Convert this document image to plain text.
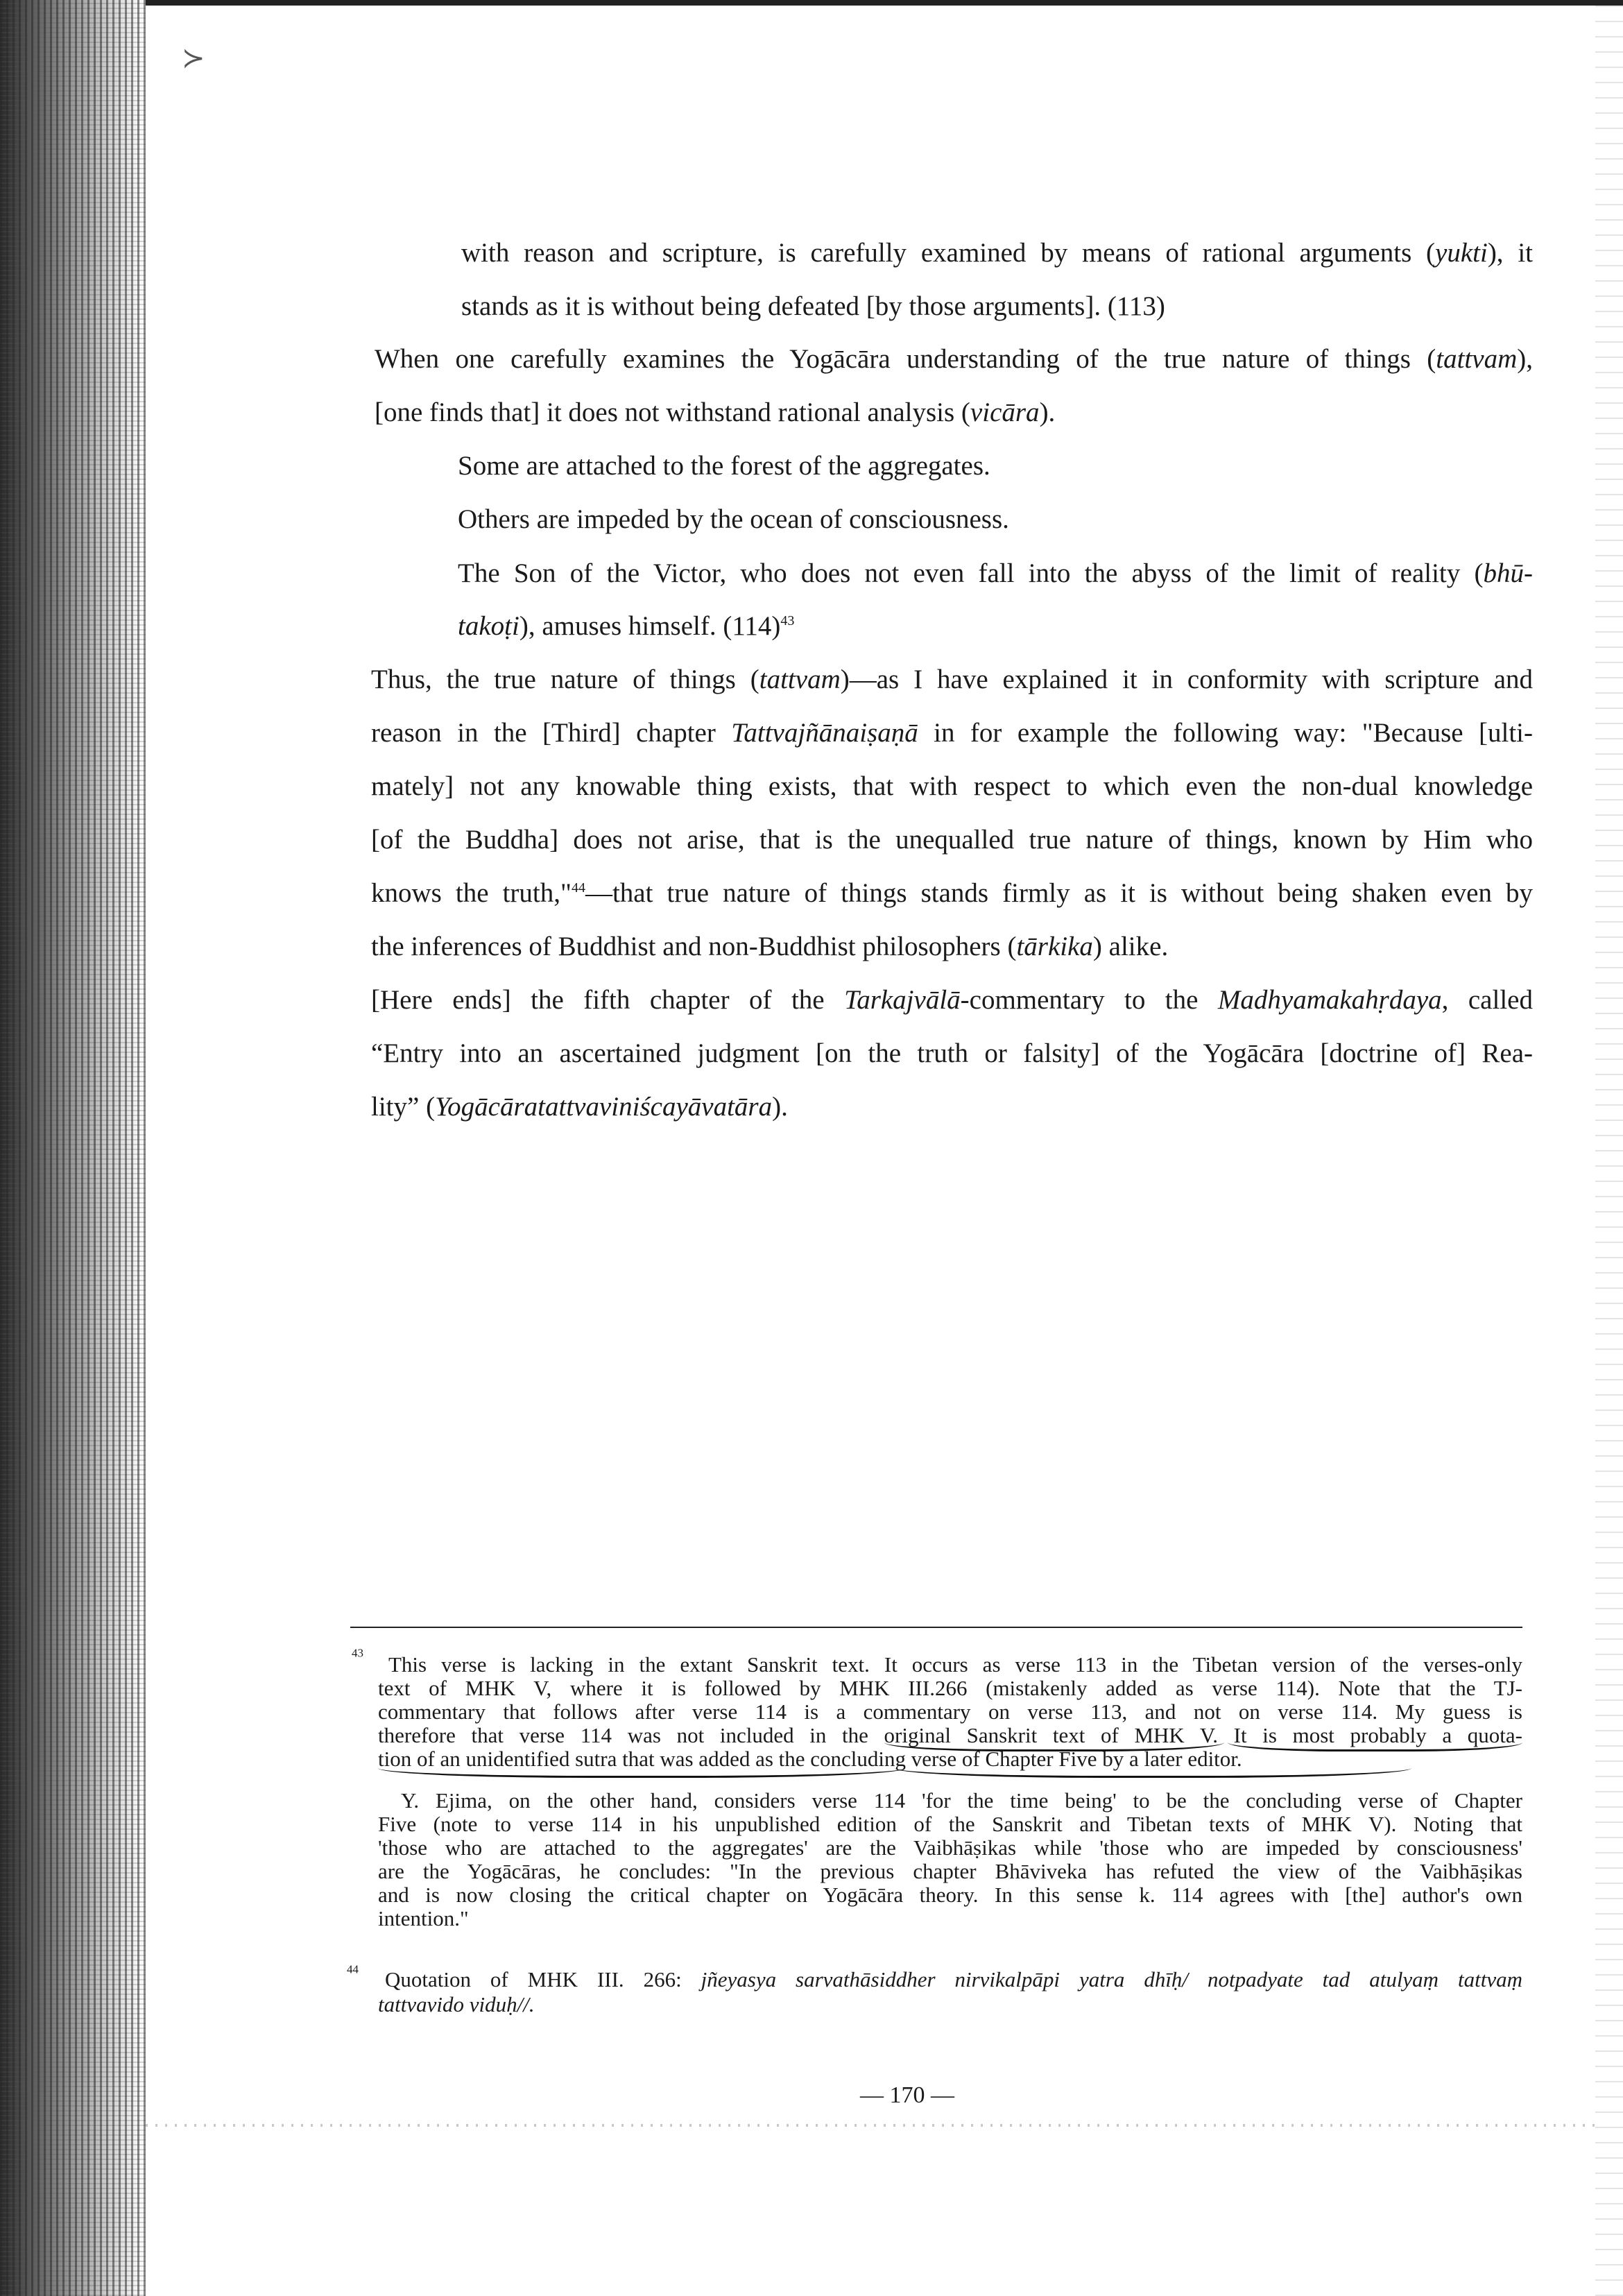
≻
with reason and scripture, is carefully examined by means of rational arguments (yukti), it
stands as it is without being defeated [by those arguments]. (113)
When one carefully examines the Yogācāra understanding of the true nature of things (tattvam),
[one finds that] it does not withstand rational analysis (vicāra).
Some are attached to the forest of the aggregates.
Others are impeded by the ocean of consciousness.
The Son of the Victor, who does not even fall into the abyss of the limit of reality (bhū-
takoṭi), amuses himself. $(114)^{43}$
Thus, the true nature of things (tattvam)—as I have explained it in conformity with scripture and
reason in the [Third] chapter Tattvajñānaiṣaṇā in for example the following way: "Because [ulti-
mately] not any knowable thing exists, that with respect to which even the non-dual knowledge
[of the Buddha] does not arise, that is the unequalled true nature of things, known by Him who
knows the truth,"$^{44}$—that true nature of things stands firmly as it is without being shaken even by
the inferences of Buddhist and non-Buddhist philosophers (tārkika) alike.
[Here ends] the fifth chapter of the Tarkajvālā-commentary to the Madhyamakahṛdaya, called
“Entry into an ascertained judgment [on the truth or falsity] of the Yogācāra [doctrine of] Rea-
lity” (Yogācāratattvaviniścayāvatāra).
$^{43}$ This verse is lacking in the extant Sanskrit text. It occurs as verse 113 in the Tibetan version of the verses-only
text of MHK V, where it is followed by MHK III.266 (mistakenly added as verse 114). Note that the TJ-
commentary that follows after verse 114 is a commentary on verse 113, and not on verse 114. My guess is
therefore that verse 114 was not included in the original Sanskrit text of MHK V. It is most probably a quota-
tion of an unidentified sutra that was added as the concluding verse of Chapter Five by a later editor.
Y. Ejima, on the other hand, considers verse 114 'for the time being' to be the concluding verse of Chapter
Five (note to verse 114 in his unpublished edition of the Sanskrit and Tibetan texts of MHK V). Noting that
'those who are attached to the aggregates' are the Vaibhāṣikas while 'those who are impeded by consciousness'
are the Yogācāras, he concludes: "In the previous chapter Bhāviveka has refuted the view of the Vaibhāṣikas
and is now closing the critical chapter on Yogācāra theory. In this sense k. 114 agrees with [the] author's own
intention."
$^{44}$ Quotation of MHK III. 266: jñeyasya sarvathāsiddher nirvikalpāpi yatra dhīḥ/ notpadyate tad atulyaṃ tattvaṃ
tattvavido viduḥ//.
— 170 —
